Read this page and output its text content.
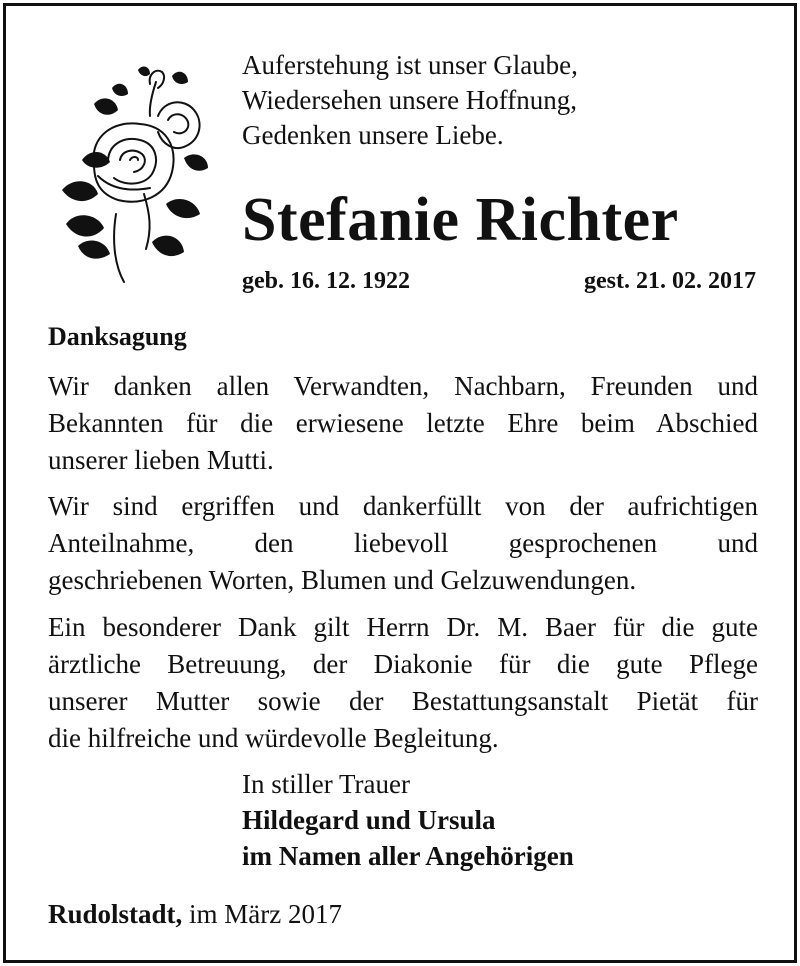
Auferstehung ist unser Glaube,
Wiedersehen unsere Hoffnung,
Gedenken unsere Liebe.
Stefanie Richter
geb. 16. 12. 1922	gest. 21. 02. 2017
Danksagung
Wir danken allen Verwandten, Nachbarn, Freunden und
Bekannten für die erwiesene letzte Ehre beim Abschied
unserer lieben Mutti.
Wir sind ergriffen und dankerfüllt von der aufrichtigen
Anteilnahme, den liebevoll gesprochenen und
geschriebenen Worten, Blumen und Gelzuwendungen.
Ein besonderer Dank gilt Herrn Dr. M. Baer für die gute
ärztliche Betreuung, der Diakonie für die gute Pflege
unserer Mutter sowie der Bestattungsanstalt Pietät für
die hilfreiche und würdevolle Begleitung.
In stiller Trauer
Hildegard und Ursula
im Namen aller Angehörigen
Rudolstadt, im März 2017
